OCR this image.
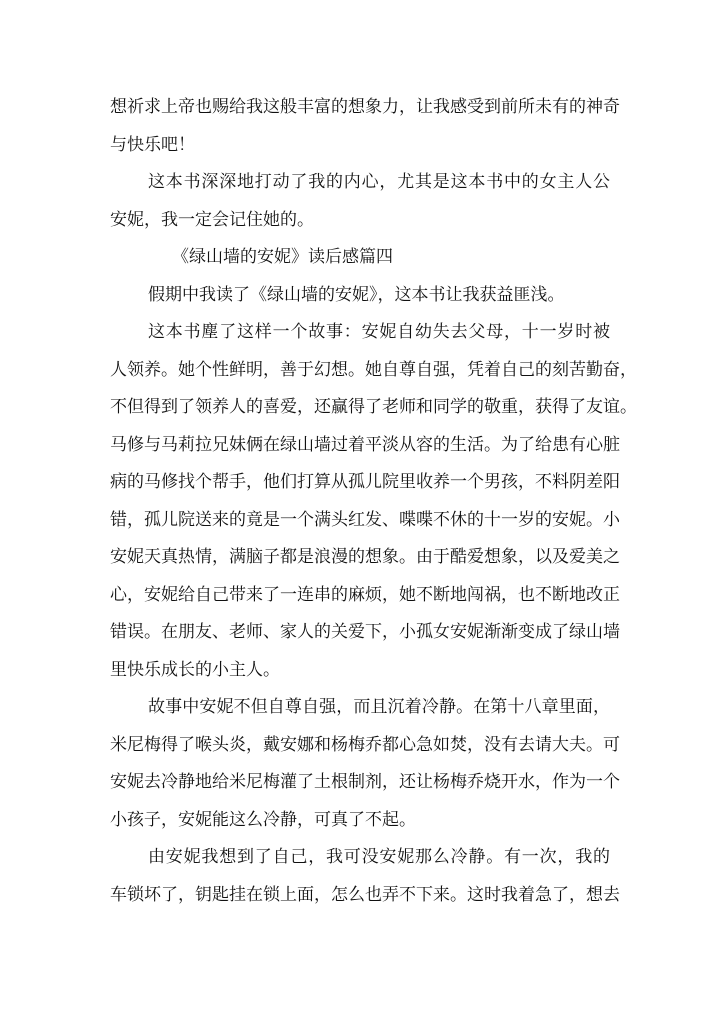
想祈求上帝也赐给我这般丰富的想象力，让我感受到前所未有的神奇
与快乐吧！
这本书深深地打动了我的内心，尤其是这本书中的女主人公
安妮，我一定会记住她的。
《绿山墙的安妮》读后感篇四
假期中我读了《绿山墙的安妮》，这本书让我获益匪浅。
这本书塵了这样一个故事：安妮自幼失去父母，十一岁时被
人领养。她个性鲜明，善于幻想。她自尊自强，凭着自己的刻苦勤奋，
不但得到了领养人的喜爱，还赢得了老师和同学的敬重，获得了友谊。
马修与马莉拉兄妹俩在绿山墙过着平淡从容的生活。为了给患有心脏
病的马修找个帮手，他们打算从孤儿院里收养一个男孩，不料阴差阳
错，孤儿院送来的竟是一个满头红发、喋喋不休的十一岁的安妮。小
安妮天真热情，满脑子都是浪漫的想象。由于酷爱想象，以及爱美之
心，安妮给自己带来了一连串的麻烦，她不断地闯祸，也不断地改正
错误。在朋友、老师、家人的关爱下，小孤女安妮渐渐变成了绿山墙
里快乐成长的小主人。
故事中安妮不但自尊自强，而且沉着冷静。在第十八章里面，
米尼梅得了喉头炎，戴安娜和杨梅乔都心急如焚，没有去请大夫。可
安妮去冷静地给米尼梅灌了土根制剂，还让杨梅乔烧开水，作为一个
小孩子，安妮能这么冷静，可真了不起。
由安妮我想到了自己，我可没安妮那么冷静。有一次，我的
车锁坏了，钥匙挂在锁上面，怎么也弄不下来。这时我着急了，想去
